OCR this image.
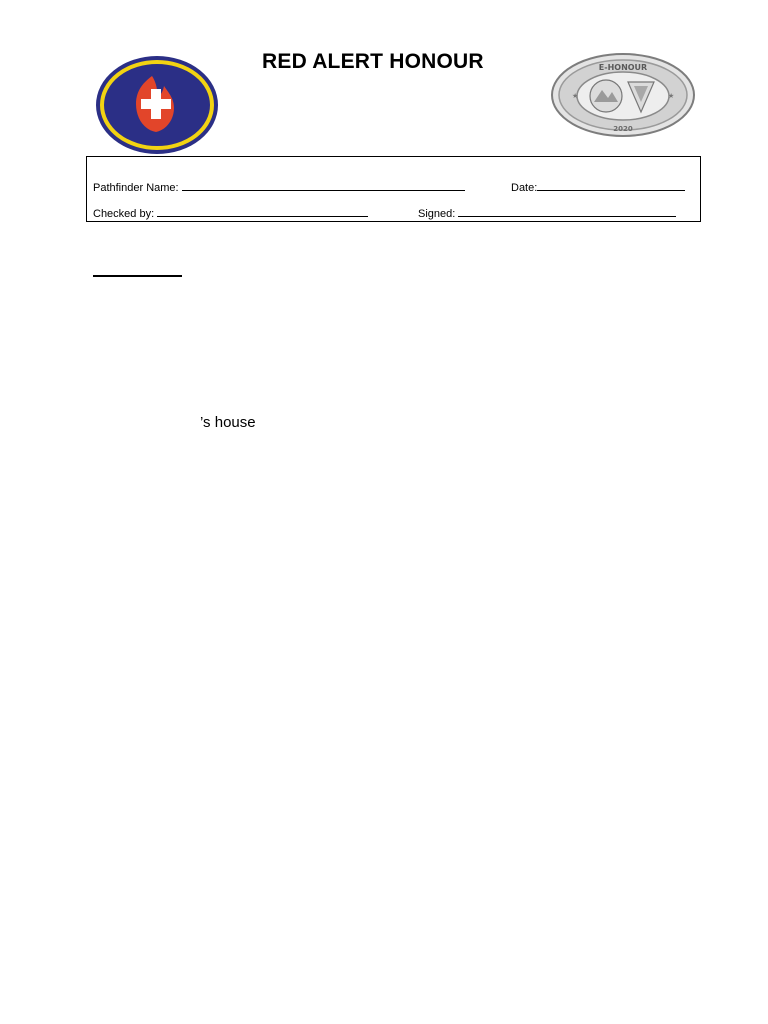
RED ALERT HONOUR	E-HONOUR
2020
★	★
Pathfinder Name:	Date:
Checked by:	Signed:
’s house
